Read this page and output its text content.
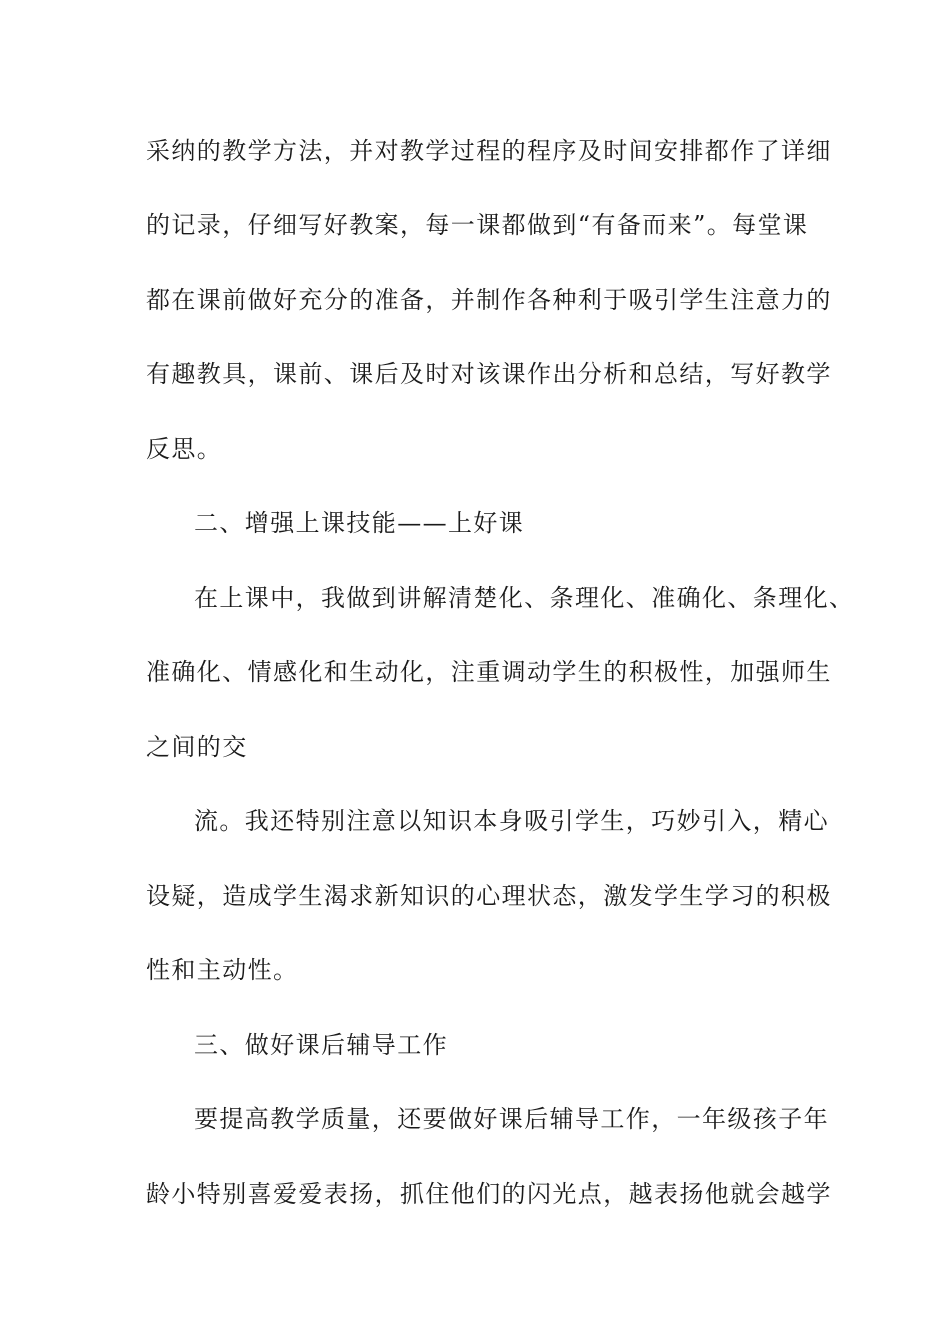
采纳的教学方法，并对教学过程的程序及时间安排都作了详细
的记录，仔细写好教案，每一课都做到“有备而来”。每堂课
都在课前做好充分的准备，并制作各种利于吸引学生注意力的
有趣教具，课前、课后及时对该课作出分析和总结，写好教学
反思。
二、增强上课技能——上好课
在上课中，我做到讲解清楚化、条理化、准确化、条理化、
准确化、情感化和生动化，注重调动学生的积极性，加强师生
之间的交
流。我还特别注意以知识本身吸引学生，巧妙引入，精心
设疑，造成学生渴求新知识的心理状态，激发学生学习的积极
性和主动性。
三、做好课后辅导工作
要提高教学质量，还要做好课后辅导工作，一年级孩子年
龄小特别喜爱爱表扬，抓住他们的闪光点，越表扬他就会越学
